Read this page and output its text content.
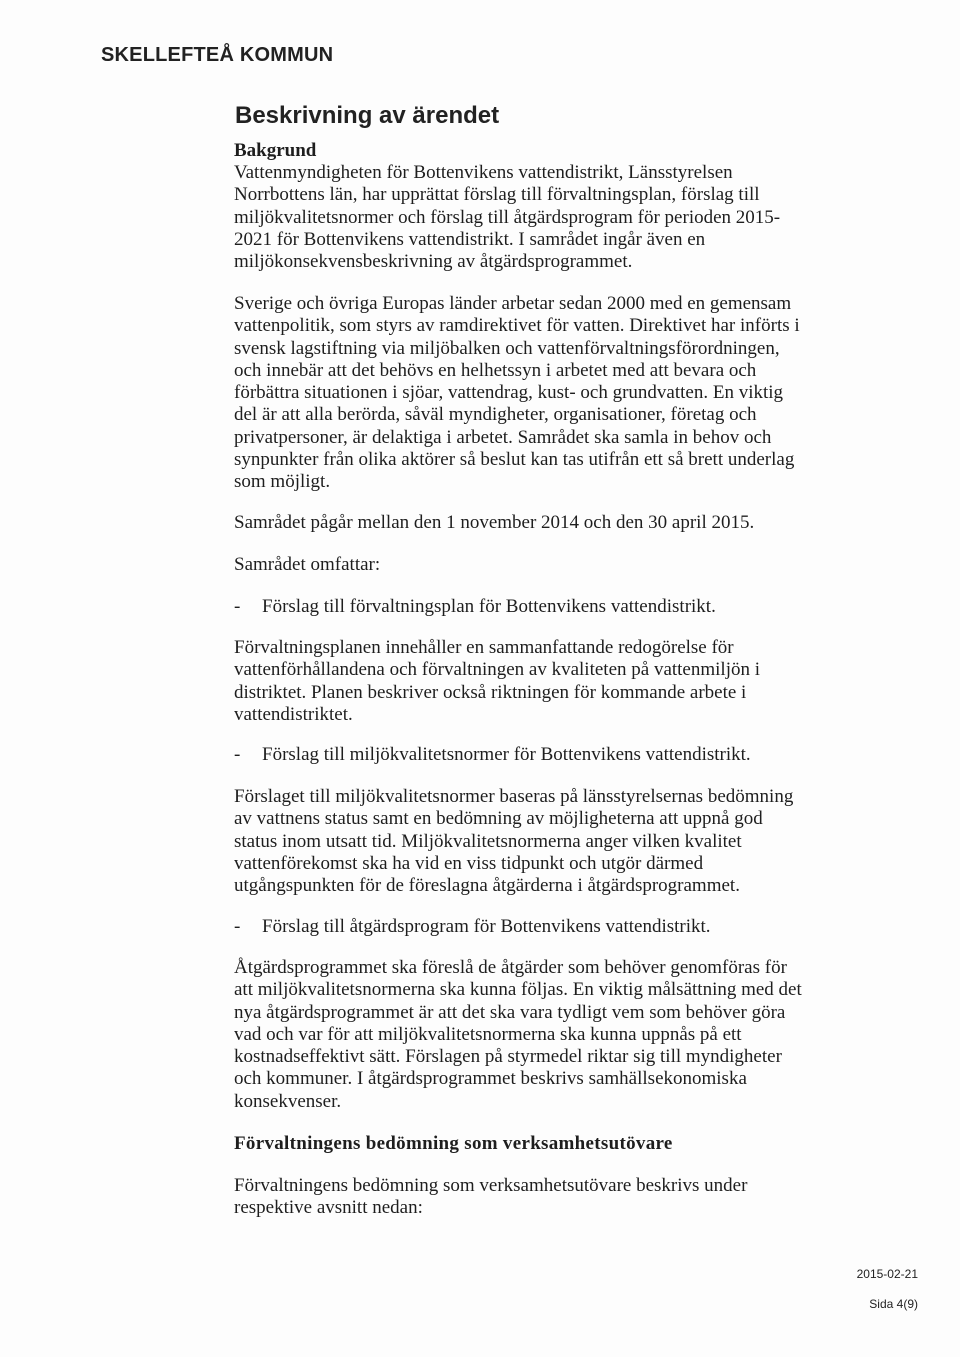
SKELLEFTEÅ KOMMUN
Beskrivning av ärendet
Bakgrund
Vattenmyndigheten för Bottenvikens vattendistrikt, Länsstyrelsen
Norrbottens län, har upprättat förslag till förvaltningsplan, förslag till
miljökvalitetsnormer och förslag till åtgärdsprogram för perioden 2015-
2021 för Bottenvikens vattendistrikt. I samrådet ingår även en
miljökonsekvensbeskrivning av åtgärdsprogrammet.
Sverige och övriga Europas länder arbetar sedan 2000 med en gemensam
vattenpolitik, som styrs av ramdirektivet för vatten. Direktivet har införts i
svensk lagstiftning via miljöbalken och vattenförvaltningsförordningen,
och innebär att det behövs en helhetssyn i arbetet med att bevara och
förbättra situationen i sjöar, vattendrag, kust- och grundvatten. En viktig
del är att alla berörda, såväl myndigheter, organisationer, företag och
privatpersoner, är delaktiga i arbetet. Samrådet ska samla in behov och
synpunkter från olika aktörer så beslut kan tas utifrån ett så brett underlag
som möjligt.
Samrådet pågår mellan den 1 november 2014 och den 30 april 2015.
Samrådet omfattar:
-	Förslag till förvaltningsplan för Bottenvikens vattendistrikt.
Förvaltningsplanen innehåller en sammanfattande redogörelse för
vattenförhållandena och förvaltningen av kvaliteten på vattenmiljön i
distriktet. Planen beskriver också riktningen för kommande arbete i
vattendistriktet.
-	Förslag till miljökvalitetsnormer för Bottenvikens vattendistrikt.
Förslaget till miljökvalitetsnormer baseras på länsstyrelsernas bedömning
av vattnens status samt en bedömning av möjligheterna att uppnå god
status inom utsatt tid. Miljökvalitetsnormerna anger vilken kvalitet
vattenförekomst ska ha vid en viss tidpunkt och utgör därmed
utgångspunkten för de föreslagna åtgärderna i åtgärdsprogrammet.
-	Förslag till åtgärdsprogram för Bottenvikens vattendistrikt.
Åtgärdsprogrammet ska föreslå de åtgärder som behöver genomföras för
att miljökvalitetsnormerna ska kunna följas. En viktig målsättning med det
nya åtgärdsprogrammet är att det ska vara tydligt vem som behöver göra
vad och var för att miljökvalitetsnormerna ska kunna uppnås på ett
kostnadseffektivt sätt. Förslagen på styrmedel riktar sig till myndigheter
och kommuner. I åtgärdsprogrammet beskrivs samhällsekonomiska
konsekvenser.
Förvaltningens bedömning som verksamhetsutövare
Förvaltningens bedömning som verksamhetsutövare beskrivs under
respektive avsnitt nedan:
2015-02-21
Sida 4(9)
